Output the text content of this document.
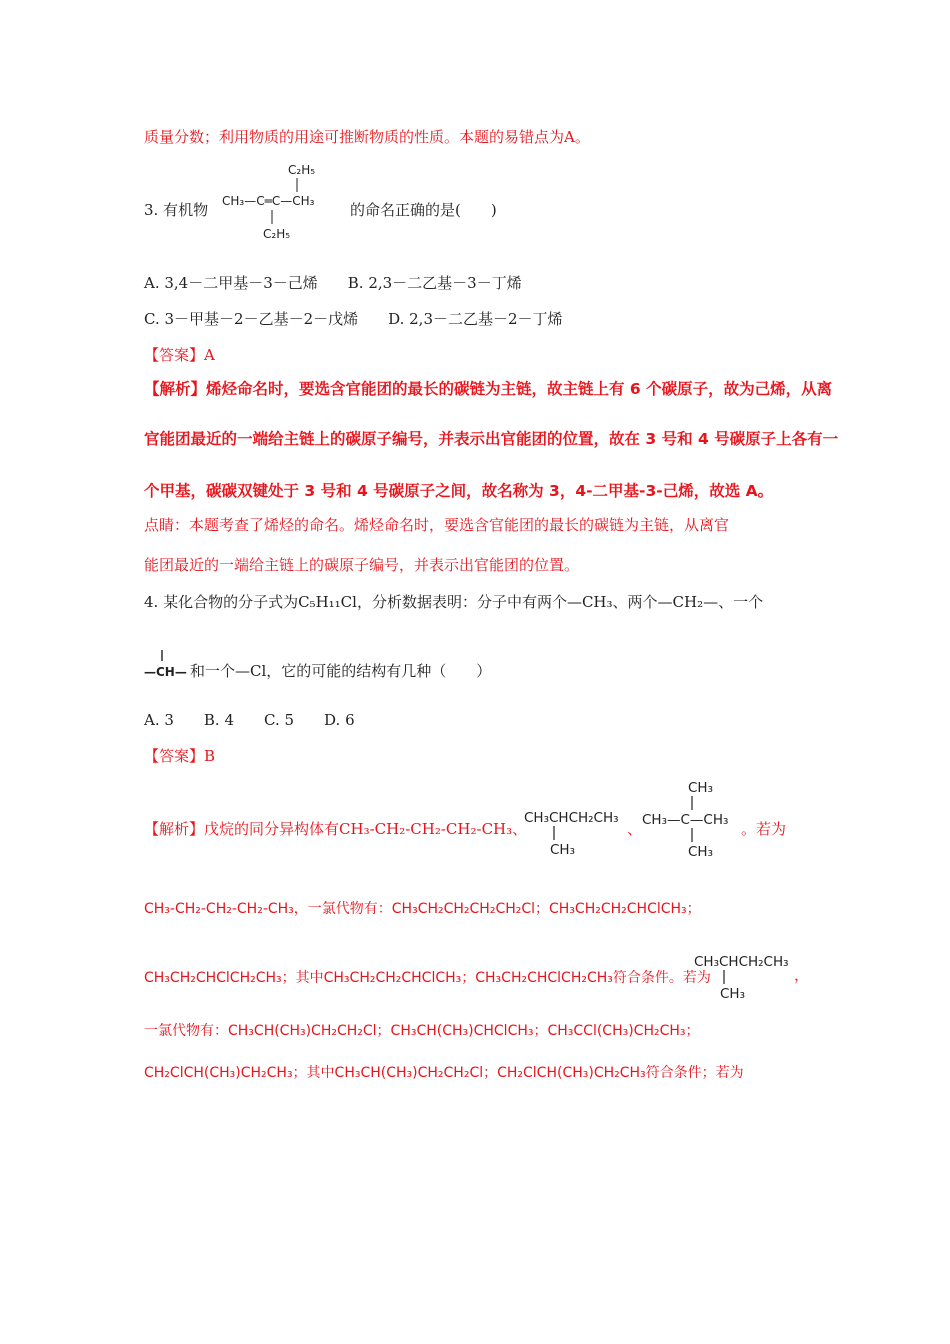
质量分数；利用物质的用途可推断物质的性质。本题的易错点为A。
3. 有机物
C₂H₅
CH₃—C═C—CH₃
C₂H₅
的命名正确的是(　　)
A. 3,4－二甲基－3－己烯　　B. 2,3－二乙基－3－丁烯
C. 3－甲基－2－乙基－2－戊烯　　D. 2,3－二乙基－2－丁烯
【答案】A
【解析】烯烃命名时，要选含官能团的最长的碳链为主链，故主链上有 6 个碳原子，故为己烯，从离
官能团最近的一端给主链上的碳原子编号，并表示出官能团的位置，故在 3 号和 4 号碳原子上各有一
个甲基，碳碳双键处于 3 号和 4 号碳原子之间，故名称为 3，4-二甲基-3-己烯，故选 A。
点睛：本题考查了烯烃的命名。烯烃命名时，要选含官能团的最长的碳链为主链，从离官
能团最近的一端给主链上的碳原子编号，并表示出官能团的位置。
4. 某化合物的分子式为C₅H₁₁Cl，分析数据表明：分子中有两个—CH₃、两个—CH₂—、一个
—CH— 和一个—Cl，它的可能的结构有几种（　　）
A. 3　　B. 4　　C. 5　　D. 6
【答案】B
【解析】戊烷的同分异构体有CH₃-CH₂-CH₂-CH₂-CH₃、
CH₃CHCH₂CH₃
CH₃
、
CH₃
CH₃—C—CH₃
CH₃
。若为
CH₃-CH₂-CH₂-CH₂-CH₃，一氯代物有：CH₃CH₂CH₂CH₂CH₂Cl；CH₃CH₂CH₂CHClCH₃；
CH₃CH₂CHClCH₂CH₃；其中CH₃CH₂CH₂CHClCH₃；CH₃CH₂CHClCH₂CH₃符合条件。若为
CH₃CHCH₂CH₃
CH₃
，
一氯代物有：CH₃CH(CH₃)CH₂CH₂Cl；CH₃CH(CH₃)CHClCH₃；CH₃CCl(CH₃)CH₂CH₃；
CH₂ClCH(CH₃)CH₂CH₃；其中CH₃CH(CH₃)CH₂CH₂Cl；CH₂ClCH(CH₃)CH₂CH₃符合条件；若为
